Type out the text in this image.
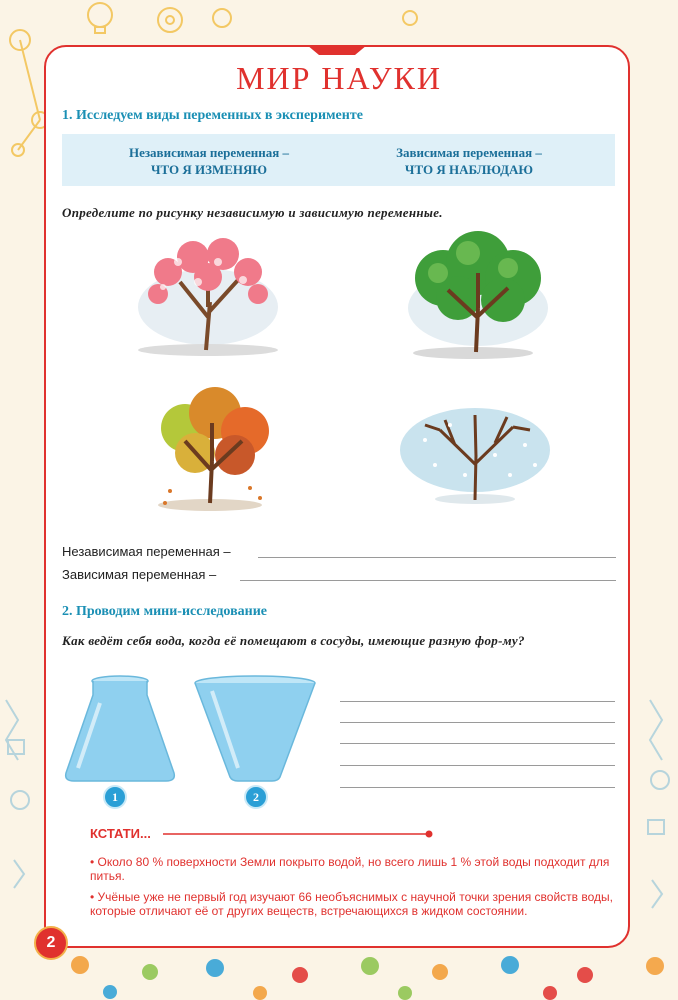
МИР НАУКИ
1. Исследуем виды переменных в эксперименте
Независимая переменная –
ЧТО Я ИЗМЕНЯЮ
Зависимая переменная –
ЧТО Я НАБЛЮДАЮ
Определите по рисунку независимую и зависимую переменные.
Независимая переменная –
Зависимая переменная –
2. Проводим мини-исследование
Как ведёт себя вода, когда её помещают в сосуды, имеющие разную фор-му?
1	2
КСТАТИ...
• Около 80 % поверхности Земли покрыто водой, но всего лишь 1 % этой воды подходит для питья.
• Учёные уже не первый год изучают 66 необъяснимых с научной точки зрения свойств воды, которые отличают её от других веществ, встречающихся в жидком состоянии.
2
